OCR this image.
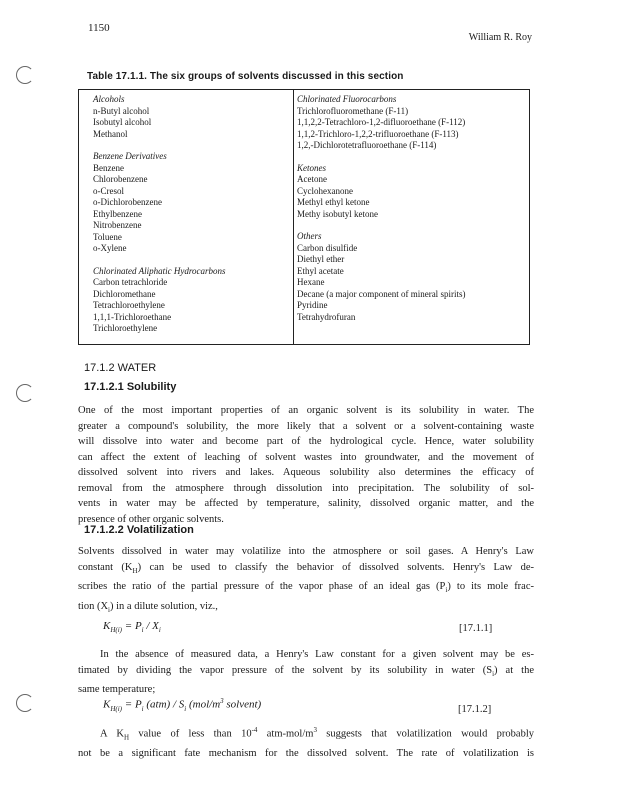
1150
William R. Roy
Table 17.1.1. The six groups of solvents discussed in this section
Alcohols
n-Butyl alcohol
Isobutyl alcohol
Methanol
Benzene Derivatives
Benzene
Chlorobenzene
o-Cresol
o-Dichlorobenzene
Ethylbenzene
Nitrobenzene
Toluene
o-Xylene
Chlorinated Aliphatic Hydrocarbons
Carbon tetrachloride
Dichloromethane
Tetrachloroethylene
1,1,1-Trichloroethane
Trichloroethylene
Chlorinated Fluorocarbons
Trichlorofluoromethane (F-11)
1,1,2,2-Tetrachloro-1,2-difluoroethane (F-112)
1,1,2-Trichloro-1,2,2-trifluoroethane (F-113)
1,2,-Dichlorotetrafluoroethane (F-114)
Ketones
Acetone
Cyclohexanone
Methyl ethyl ketone
Methy isobutyl ketone
Others
Carbon disulfide
Diethyl ether
Ethyl acetate
Hexane
Decane (a major component of mineral spirits)
Pyridine
Tetrahydrofuran
17.1.2 WATER
17.1.2.1 Solubility
One of the most important properties of an organic solvent is its solubility in water. The
greater a compound's solubility, the more likely that a solvent or a solvent-containing waste
will dissolve into water and become part of the hydrological cycle. Hence, water solubility
can affect the extent of leaching of solvent wastes into groundwater, and the movement of
dissolved solvent into rivers and lakes. Aqueous solubility also determines the efficacy of
removal from the atmosphere through dissolution into precipitation. The solubility of sol-
vents in water may be affected by temperature, salinity, dissolved organic matter, and the
presence of other organic solvents.
17.1.2.2 Volatilization
Solvents dissolved in water may volatilize into the atmosphere or soil gases. A Henry's Law
constant $(K_H)$ can be used to classify the behavior of dissolved solvents. Henry's Law de-
scribes the ratio of the partial pressure of the vapor phase of an ideal gas $(P_i)$ to its mole frac-
tion $(X_i)$ in a dilute solution, viz.,
$K_{H(i)} = P_i / X_i$	[17.1.1]
In the absence of measured data, a Henry's Law constant for a given solvent may be es-
timated by dividing the vapor pressure of the solvent by its solubility in water $(S_i)$ at the
same temperature;
$K_{H(i)} = P_i$ $(atm) / S_i$ ($mol/m^3$ solvent)	[17.1.2]
A $K_H$ value of less than $10^{-4}$ atm-$mol/m^3$ suggests that volatilization would probably
not be a significant fate mechanism for the dissolved solvent. The rate of volatilization is
